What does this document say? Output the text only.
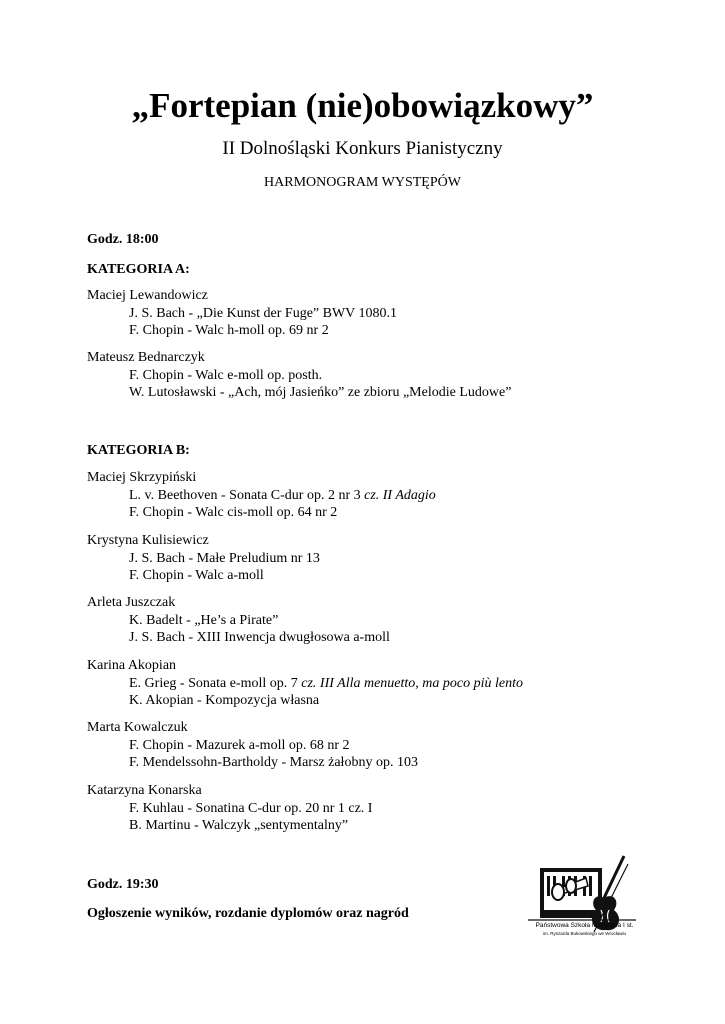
„Fortepian (nie)obowiązkowy”
II Dolnośląski Konkurs Pianistyczny
HARMONOGRAM WYSTĘPÓW
Godz. 18:00
KATEGORIA A:
Maciej Lewandowicz
J. S. Bach - „Die Kunst der Fuge” BWV 1080.1
F. Chopin - Walc h-moll op. 69 nr 2
Mateusz Bednarczyk
F. Chopin - Walc e-moll op. posth.
W. Lutosławski - „Ach, mój Jasieńko” ze zbioru „Melodie Ludowe”
KATEGORIA B:
Maciej Skrzypiński
L. v. Beethoven - Sonata C-dur op. 2 nr 3 cz. II Adagio
F. Chopin - Walc cis-moll op. 64 nr 2
Krystyna Kulisiewicz
J. S. Bach - Małe Preludium nr 13
F. Chopin - Walc a-moll
Arleta Juszczak
K. Badelt - „He’s a Pirate”
J. S. Bach - XIII Inwencja dwugłosowa a-moll
Karina Akopian
E. Grieg - Sonata e-moll op. 7 cz. III Alla menuetto, ma poco più lento
K. Akopian - Kompozycja własna
Marta Kowalczuk
F. Chopin - Mazurek a-moll op. 68 nr 2
F. Mendelssohn-Bartholdy - Marsz żałobny op. 103
Katarzyna Konarska
F. Kuhlau - Sonatina C-dur op. 20 nr 1 cz. I
B. Martinu - Walczyk „sentymentalny”
Godz. 19:30
Ogłoszenie wyników, rozdanie dyplomów oraz nagród
Państwowa Szkoła Muzyczna I st.
im. Ryszarda Bukowskiego we Wrocławiu
